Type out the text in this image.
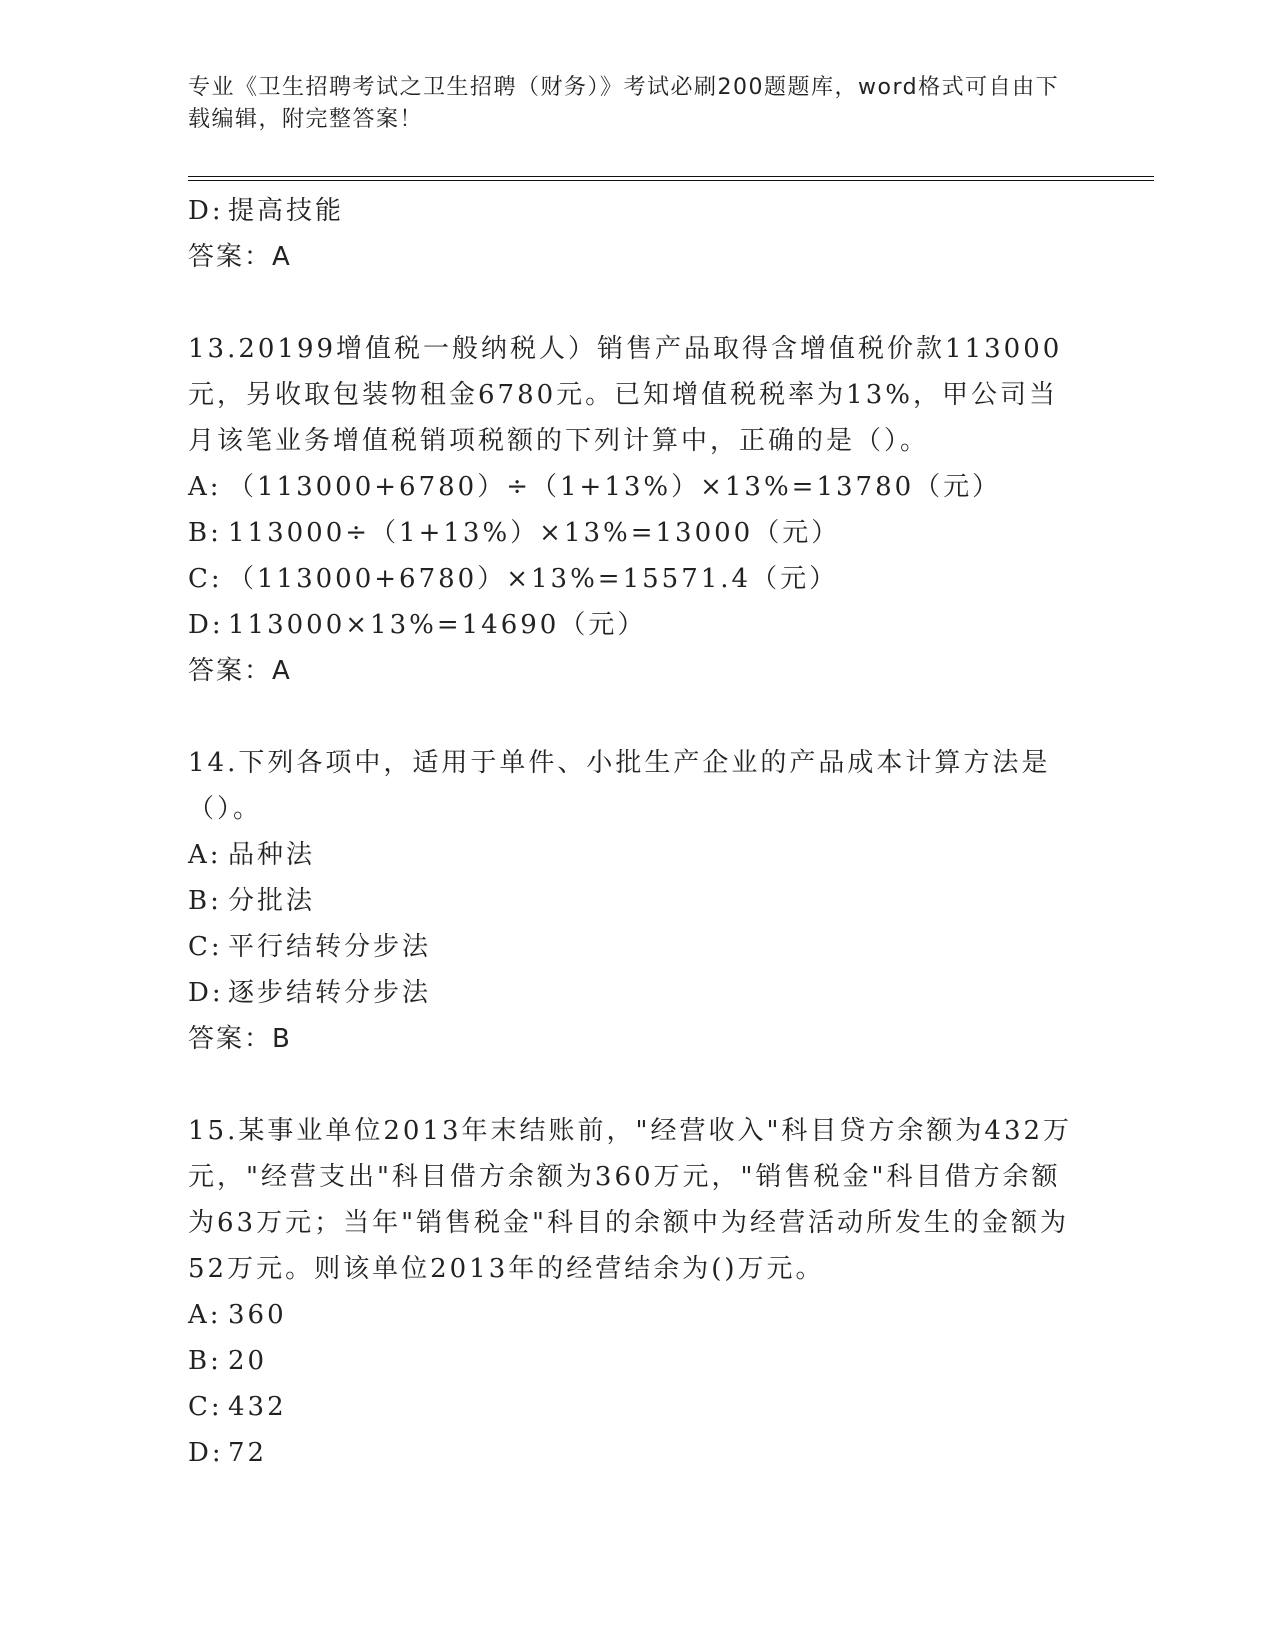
专业《卫生招聘考试之卫生招聘（财务）》考试必刷200题题库，word格式可自由下载编辑，附完整答案！
D: 提高技能
答案：A
13.20199增值税一般纳税人）销售产品取得含增值税价款113000元，另收取包装物租金6780元。已知增值税税率为13%，甲公司当月该笔业务增值税销项税额的下列计算中，正确的是（）。
A: （113000+6780）÷（1+13%）×13%=13780（元）
B: 113000÷（1+13%）×13%=13000（元）
C: （113000+6780）×13%=15571.4（元）
D: 113000×13%=14690（元）
答案：A
14.下列各项中，适用于单件、小批生产企业的产品成本计算方法是（）。
A: 品种法
B: 分批法
C: 平行结转分步法
D: 逐步结转分步法
答案：B
15.某事业单位2013年末结账前，"经营收入"科目贷方余额为432万元，"经营支出"科目借方余额为360万元，"销售税金"科目借方余额为63万元；当年"销售税金"科目的余额中为经营活动所发生的金额为52万元。则该单位2013年的经营结余为()万元。
A: 360
B: 20
C: 432
D: 72
